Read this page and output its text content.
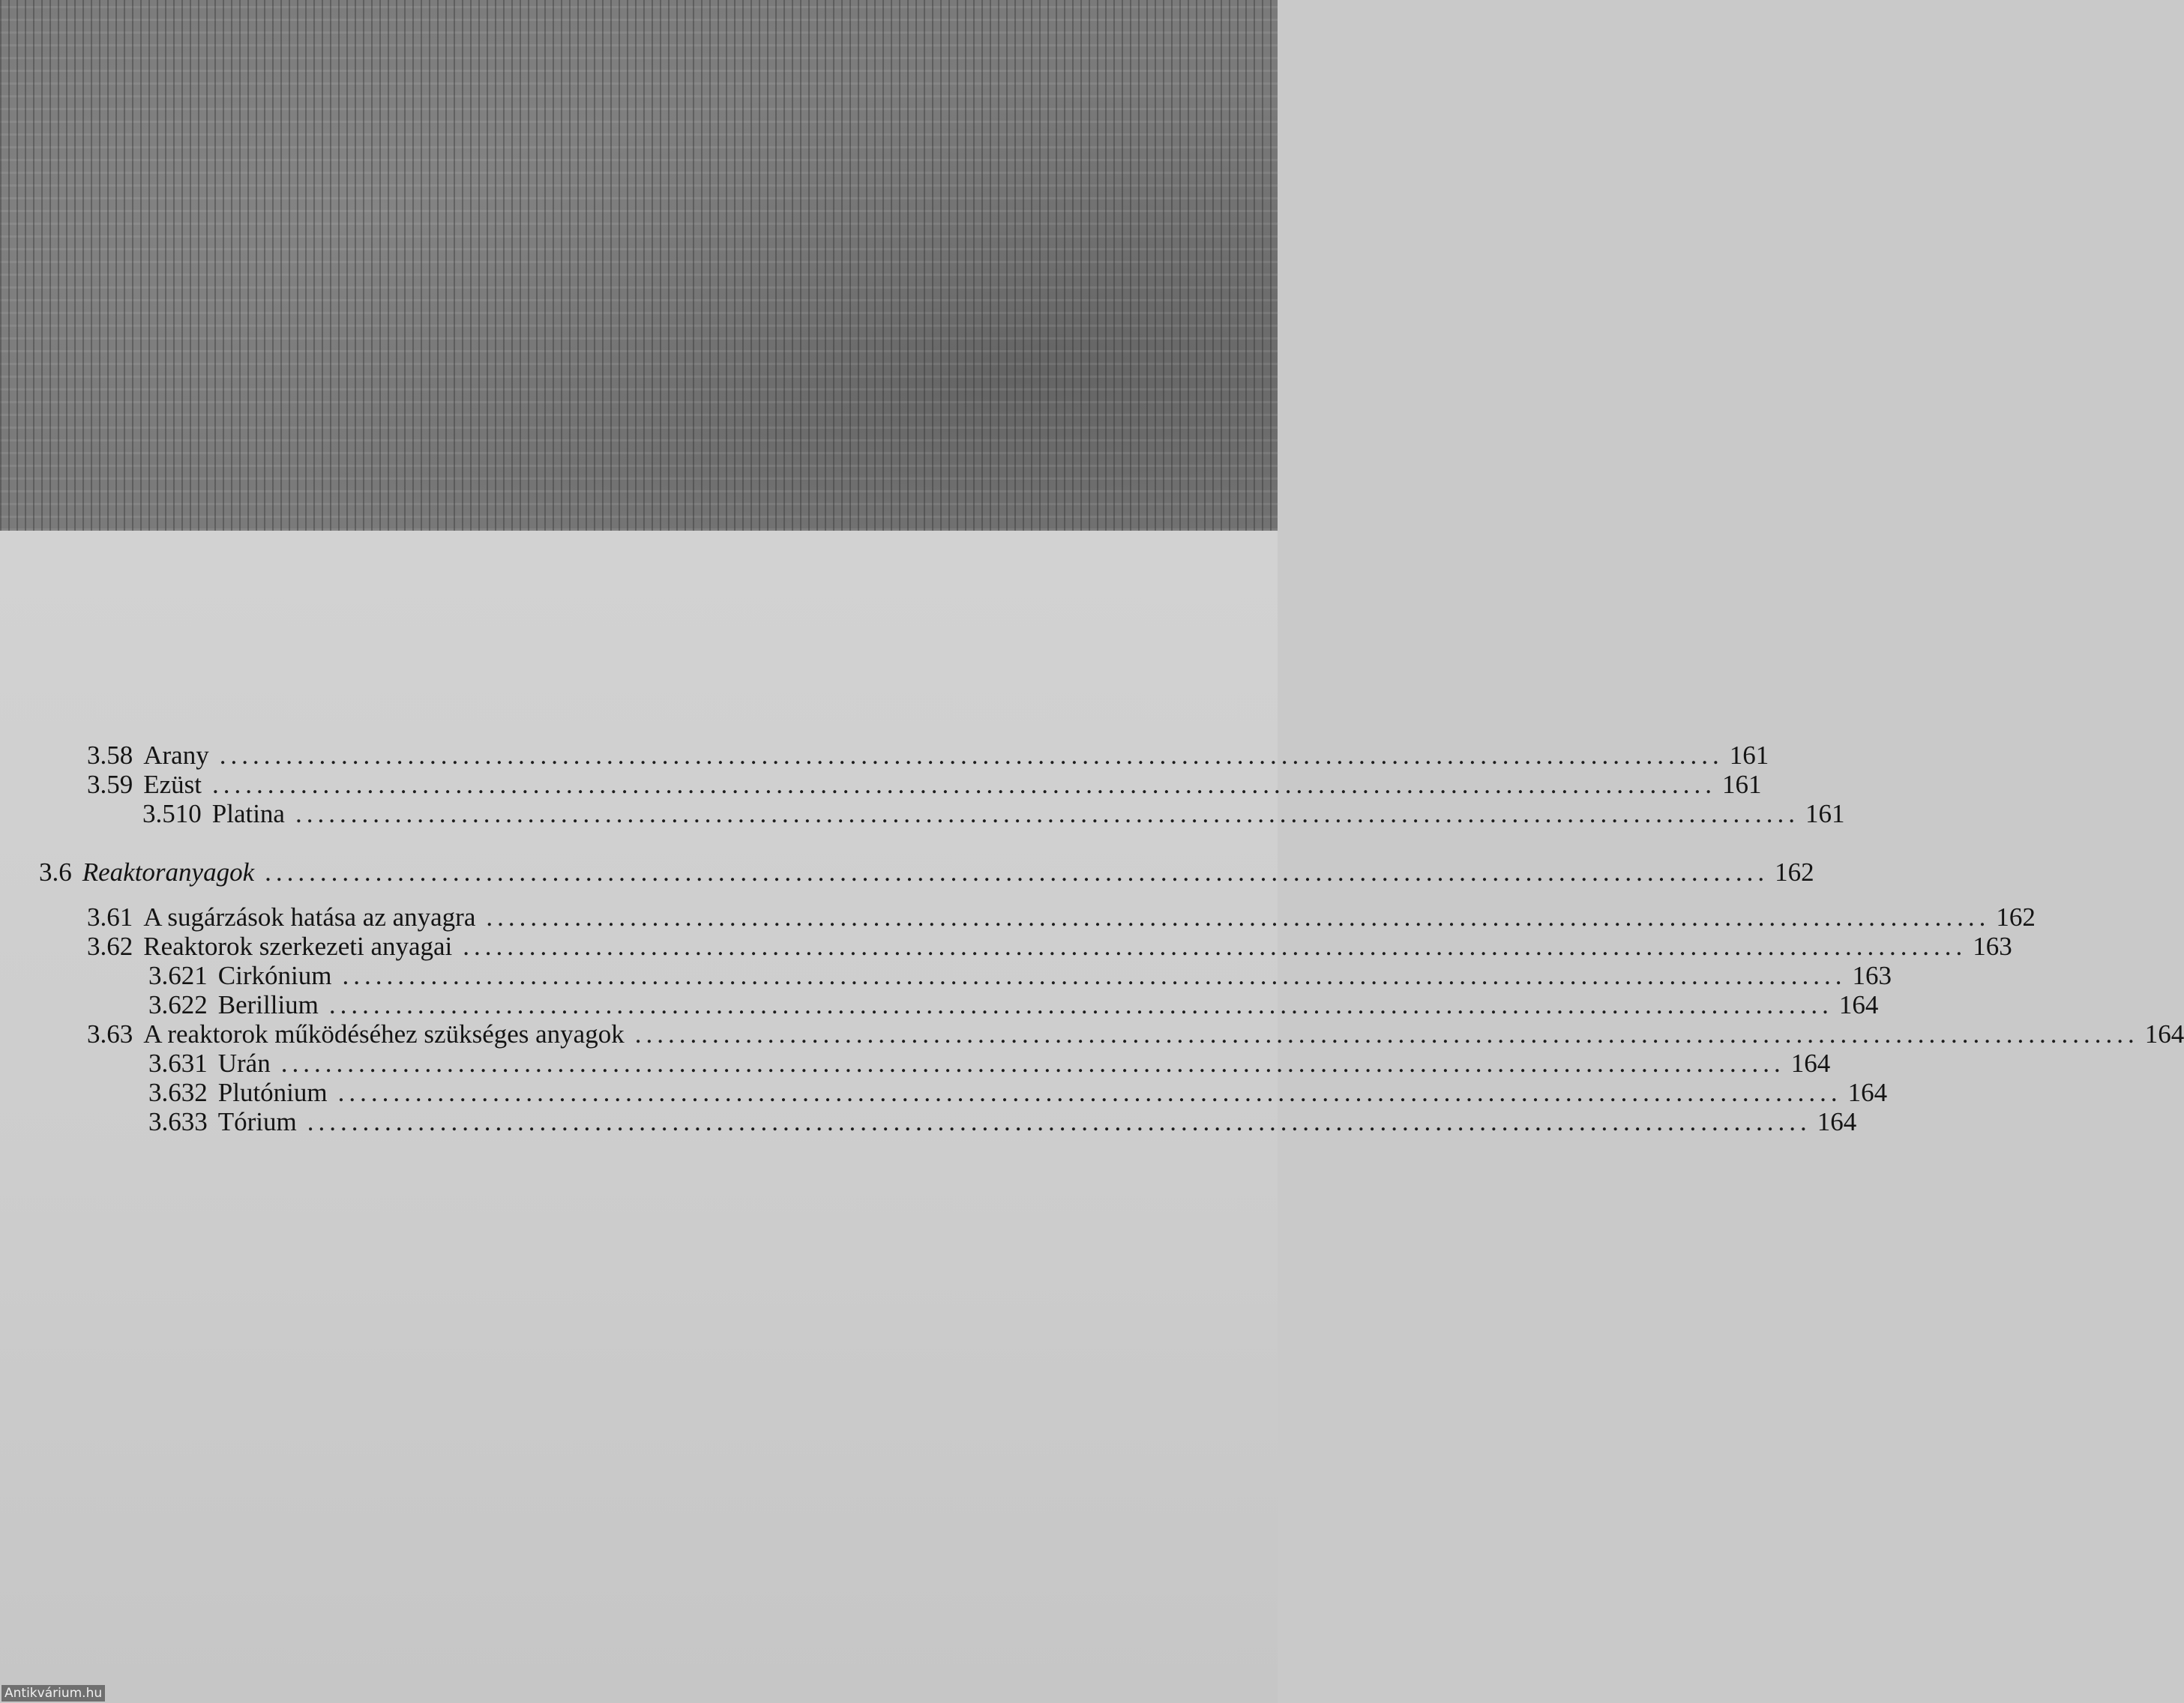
3.58 Arany ........................................................................................................................................ 161
3.59 Ezüst ........................................................................................................................................ 161
3.510 Platina ........................................................................................................................................ 161
3.6 Reaktoranyagok ........................................................................................................................................ 162
3.61 A sugárzások hatása az anyagra ........................................................................................................................................ 162
3.62 Reaktorok szerkezeti anyagai ........................................................................................................................................ 163
3.621 Cirkónium ........................................................................................................................................ 163
3.622 Berillium ........................................................................................................................................ 164
3.63 A reaktorok működéséhez szükséges anyagok ........................................................................................................................................ 164
3.631 Urán ........................................................................................................................................ 164
3.632 Plutónium ........................................................................................................................................ 164
3.633 Tórium ........................................................................................................................................ 164
Antikvárium.hu
